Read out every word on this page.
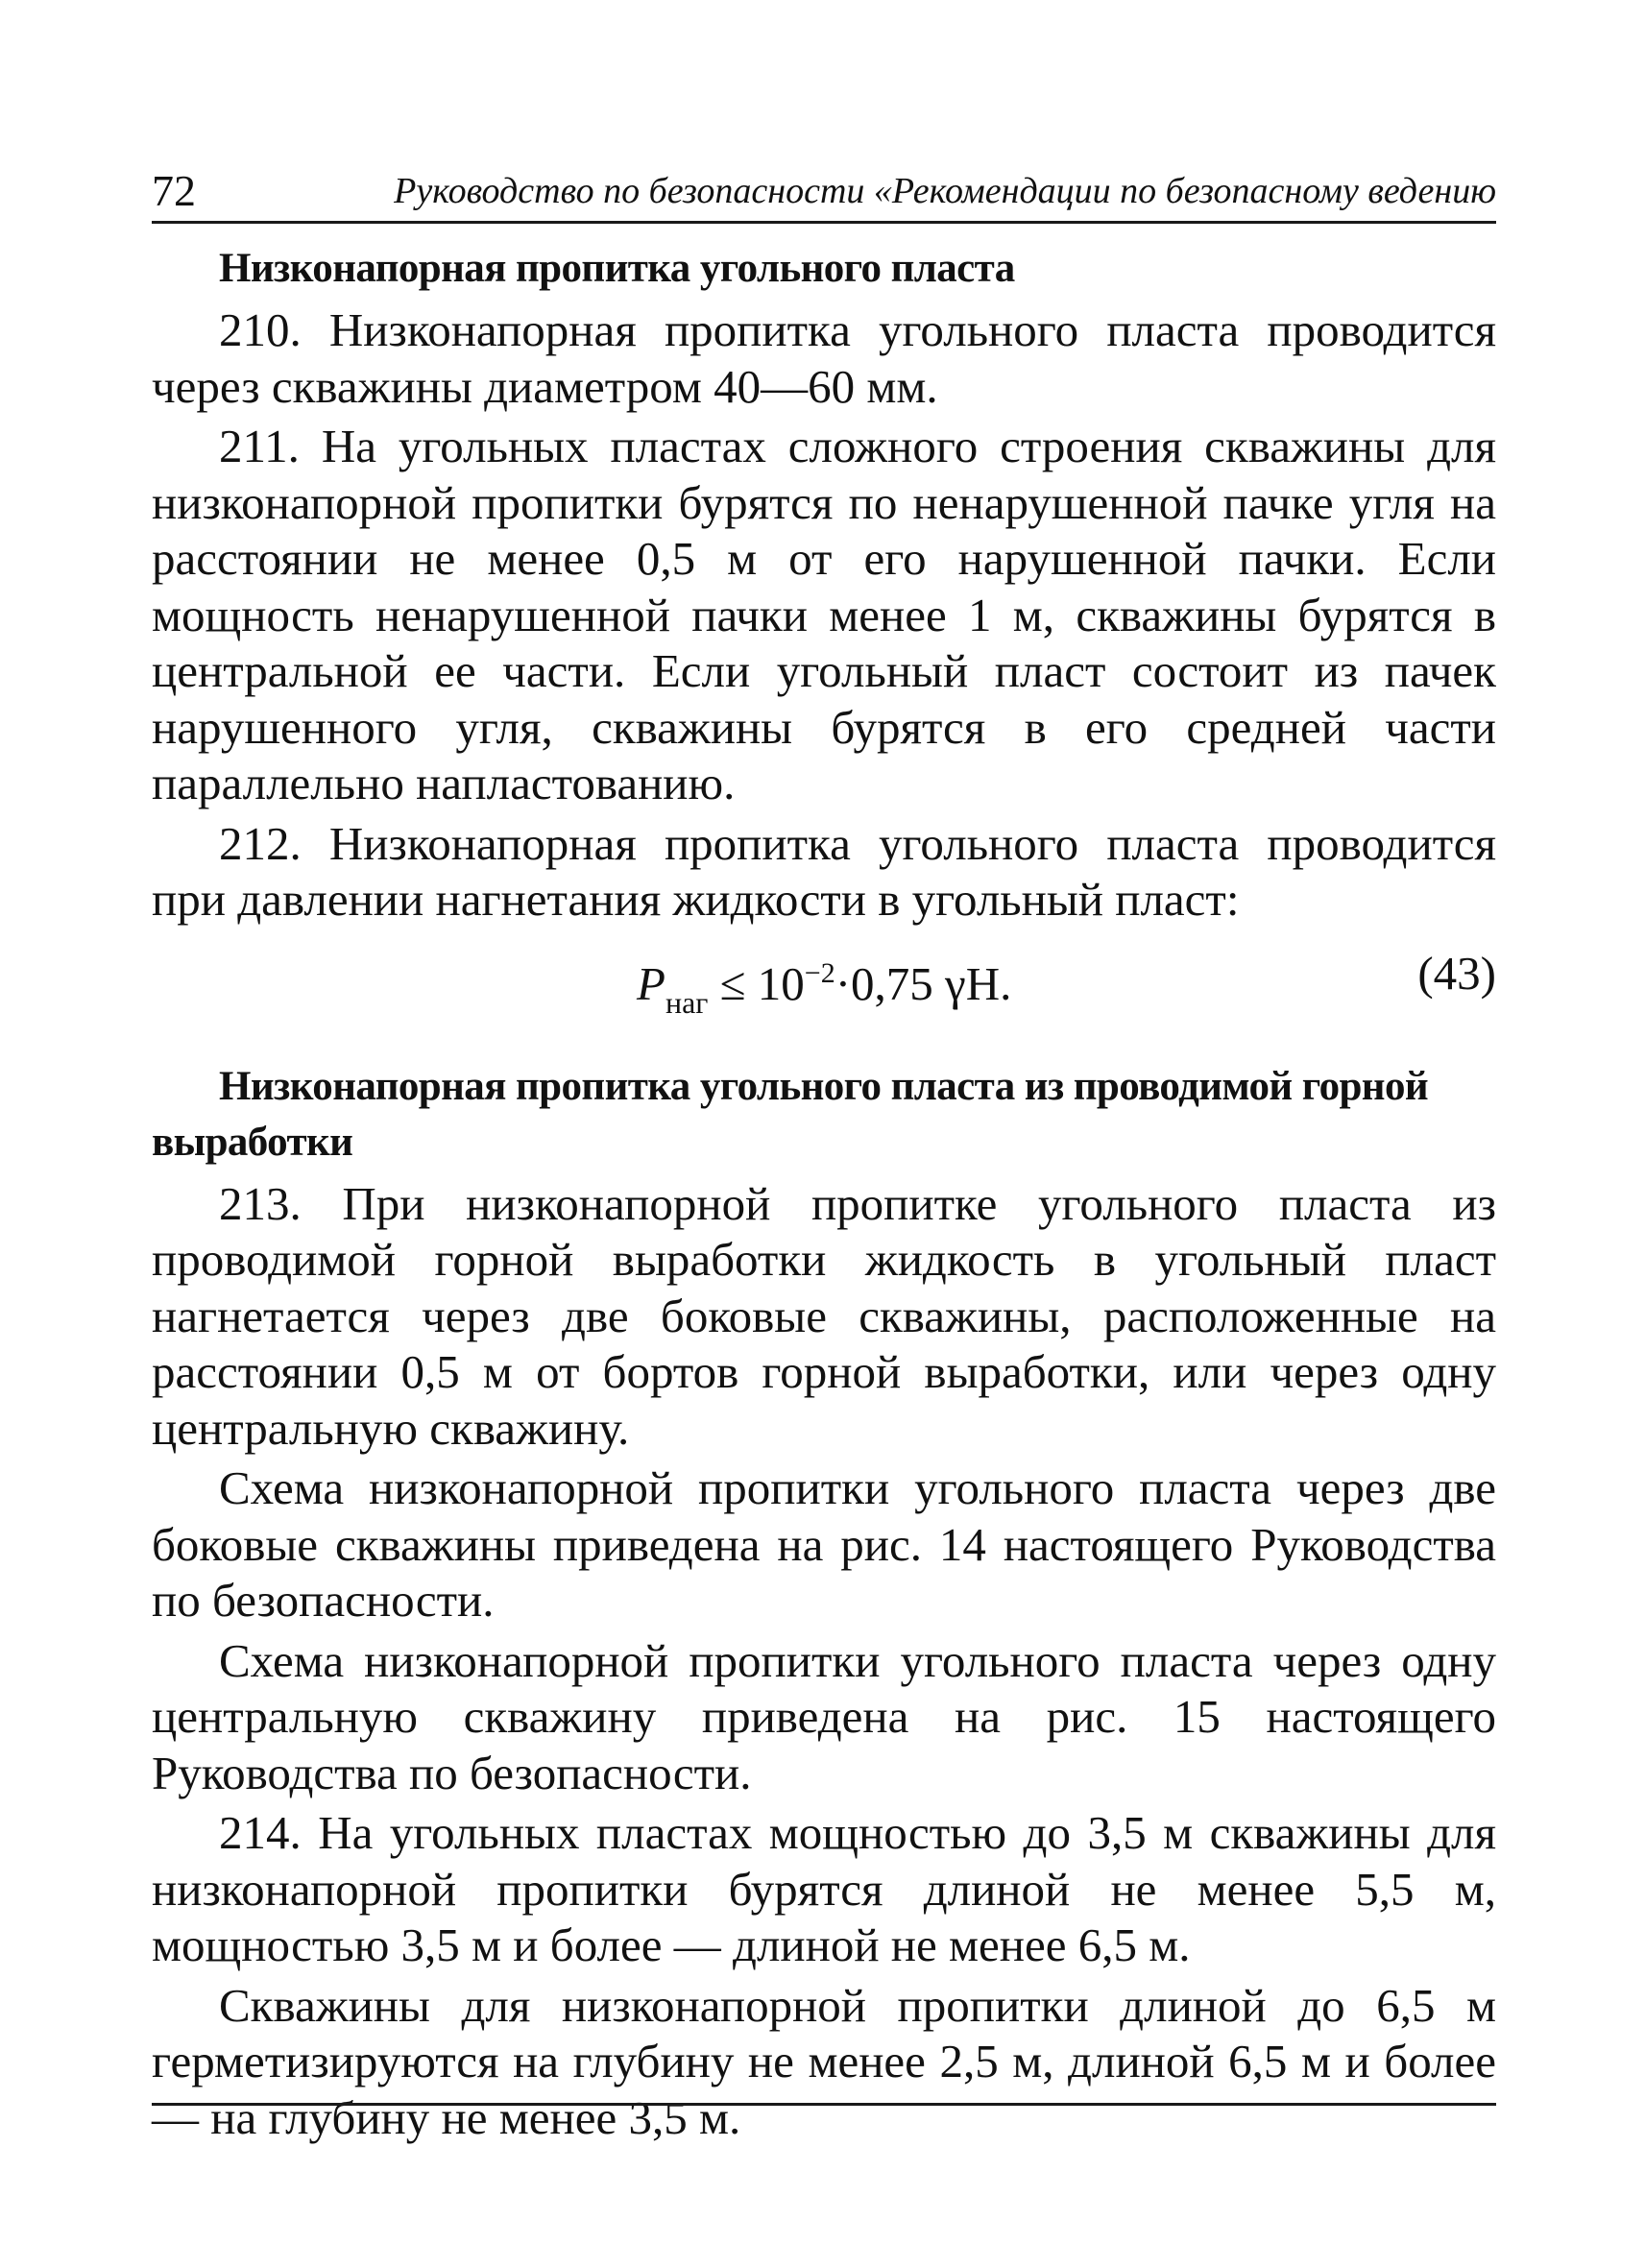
72	Руководство по безопасности «Рекомендации по безопасному ведению
Низконапорная пропитка угольного пласта

210. Низконапорная пропитка угольного пласта проводится через скважины диаметром 40—60 мм.

211. На угольных пластах сложного строения скважины для низконапорной пропитки бурятся по ненарушенной пачке угля на расстоянии не менее 0,5 м от его нарушенной пачки. Если мощность ненарушенной пачки менее 1 м, скважины бурятся в центральной ее части. Если угольный пласт состоит из пачек нарушенного угля, скважины бурятся в его средней части параллельно напластованию.

212. Низконапорная пропитка угольного пласта проводится при давлении нагнетания жидкости в угольный пласт:

$P_{наг} \le 10^{-2}\cdot 0,75$ γH.	(43)
Низконапорная пропитка угольного пласта из проводимой горной выработки

213. При низконапорной пропитке угольного пласта из проводимой горной выработки жидкость в угольный пласт нагнетается через две боковые скважины, расположенные на расстоянии 0,5 м от бортов горной выработки, или через одну центральную скважину.

Схема низконапорной пропитки угольного пласта через две боковые скважины приведена на рис. 14 настоящего Руководства по безопасности.

Схема низконапорной пропитки угольного пласта через одну центральную скважину приведена на рис. 15 настоящего Руководства по безопасности.

214. На угольных пластах мощностью до 3,5 м скважины для низконапорной пропитки бурятся длиной не менее 5,5 м, мощностью 3,5 м и более — длиной не менее 6,5 м.

Скважины для низконапорной пропитки длиной до 6,5 м герметизируются на глубину не менее 2,5 м, длиной 6,5 м и более — на глубину не менее 3,5 м.
